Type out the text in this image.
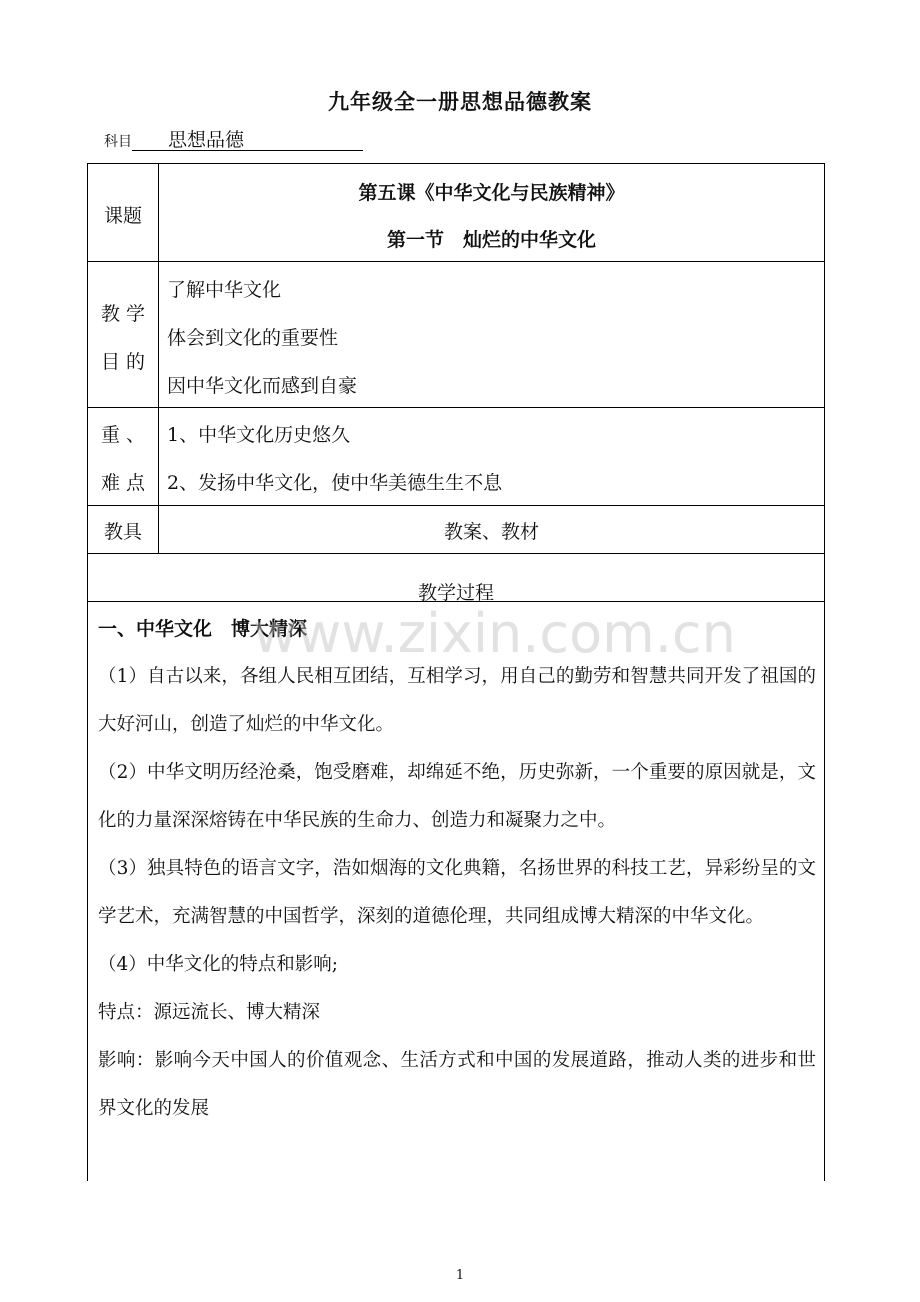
九年级全一册思想品德教案
科目 思想品德
课题
第五课《中华文化与民族精神》
第一节　灿烂的中华文化
教 学
目 的
了解中华文化
体会到文化的重要性
因中华文化而感到自豪
重 、
难 点
1、中华文化历史悠久
2、发扬中华文化，使中华美德生生不息
教具	教案、教材
教学过程
一、中华文化　博大精深

（1）自古以来，各组人民相互团结，互相学习，用自己的勤劳和智慧共同开发了祖国的大好河山，创造了灿烂的中华文化。

（2）中华文明历经沧桑，饱受磨难，却绵延不绝，历史弥新，一个重要的原因就是，文化的力量深深熔铸在中华民族的生命力、创造力和凝聚力之中。

（3）独具特色的语言文字，浩如烟海的文化典籍，名扬世界的科技工艺，异彩纷呈的文学艺术，充满智慧的中国哲学，深刻的道德伦理，共同组成博大精深的中华文化。

（4）中华文化的特点和影响;

特点：源远流长、博大精深

影响：影响今天中国人的价值观念、生活方式和中国的发展道路，推动人类的进步和世界文化的发展

www.zixin.com.cn
1
